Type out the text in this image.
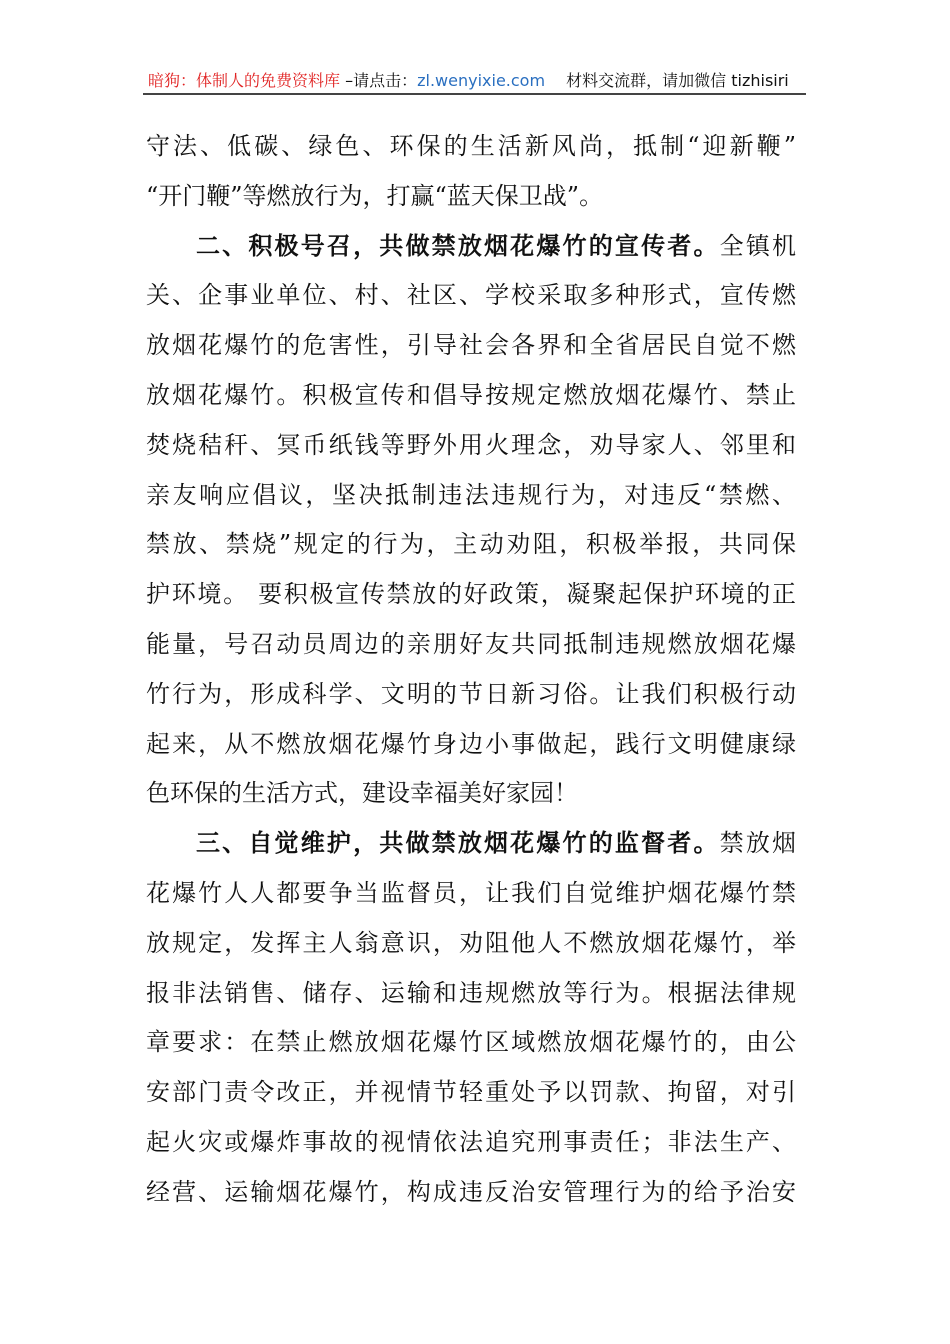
暗狗：体制人的免费资料库 –请点击：zl.wenyixie.com 材料交流群，请加微信 tizhisiri
守法、低碳、绿色、环保的生活新风尚，抵制“迎新鞭”
“开门鞭”等燃放行为，打赢“蓝天保卫战”。
二、积极号召，共做禁放烟花爆竹的宣传者。全镇机
关、企事业单位、村、社区、学校采取多种形式，宣传燃
放烟花爆竹的危害性，引导社会各界和全省居民自觉不燃
放烟花爆竹。积极宣传和倡导按规定燃放烟花爆竹、禁止
焚烧秸秆、冥币纸钱等野外用火理念，劝导家人、邻里和
亲友响应倡议，坚决抵制违法违规行为，对违反“禁燃、
禁放、禁烧”规定的行为，主动劝阻，积极举报，共同保
护环境。 要积极宣传禁放的好政策，凝聚起保护环境的正
能量，号召动员周边的亲朋好友共同抵制违规燃放烟花爆
竹行为，形成科学、文明的节日新习俗。让我们积极行动
起来，从不燃放烟花爆竹身边小事做起，践行文明健康绿
色环保的生活方式，建设幸福美好家园！
三、自觉维护，共做禁放烟花爆竹的监督者。禁放烟
花爆竹人人都要争当监督员，让我们自觉维护烟花爆竹禁
放规定，发挥主人翁意识，劝阻他人不燃放烟花爆竹，举
报非法销售、储存、运输和违规燃放等行为。根据法律规
章要求：在禁止燃放烟花爆竹区域燃放烟花爆竹的，由公
安部门责令改正，并视情节轻重处予以罚款、拘留，对引
起火灾或爆炸事故的视情依法追究刑事责任；非法生产、
经营、运输烟花爆竹，构成违反治安管理行为的给予治安
